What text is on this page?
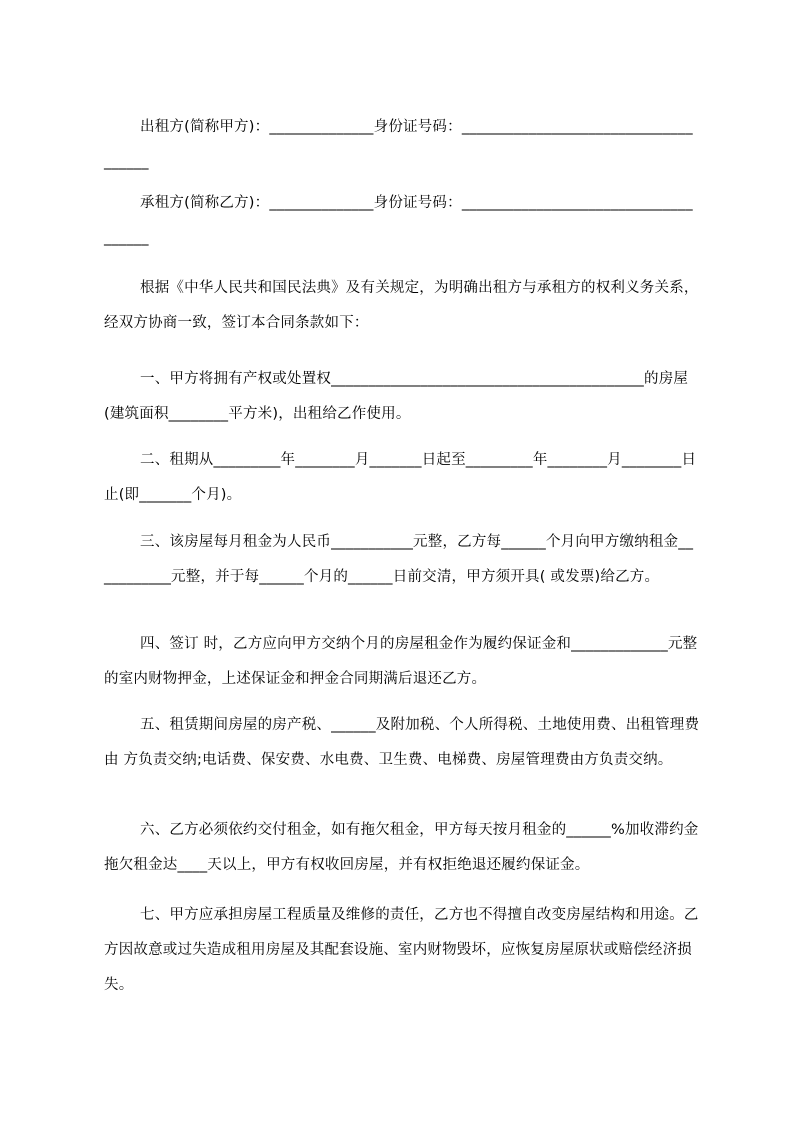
出租方(简称甲方)：______________身份证号码：_____________________________________

承租方(简称乙方)：______________身份证号码：_____________________________________

根据《中华人民共和国民法典》及有关规定，为明确出租方与承租方的权利义务关系，经双方协商一致，签订本合同条款如下：

一、甲方将拥有产权或处置权__________________________________________的房屋(建筑面积________平方米)，出租给乙作使用。

二、租期从_________年________月_______日起至_________年________月________日止(即_______个月)。

三、该房屋每月租金为人民币___________元整，乙方每______个月向甲方缴纳租金___________元整，并于每______个月的______日前交清，甲方须开具( 或发票)给乙方。

四、签订 时，乙方应向甲方交纳个月的房屋租金作为履约保证金和_____________元整的室内财物押金，上述保证金和押金合同期满后退还乙方。

五、租赁期间房屋的房产税、______及附加税、个人所得税、土地使用费、出租管理费由 方负责交纳;电话费、保安费、水电费、卫生费、电梯费、房屋管理费由方负责交纳。

六、乙方必须依约交付租金，如有拖欠租金，甲方每天按月租金的______%加收滞约金拖欠租金达____天以上，甲方有权收回房屋，并有权拒绝退还履约保证金。

七、甲方应承担房屋工程质量及维修的责任，乙方也不得擅自改变房屋结构和用途。乙方因故意或过失造成租用房屋及其配套设施、室内财物毁坏，应恢复房屋原状或赔偿经济损失。
